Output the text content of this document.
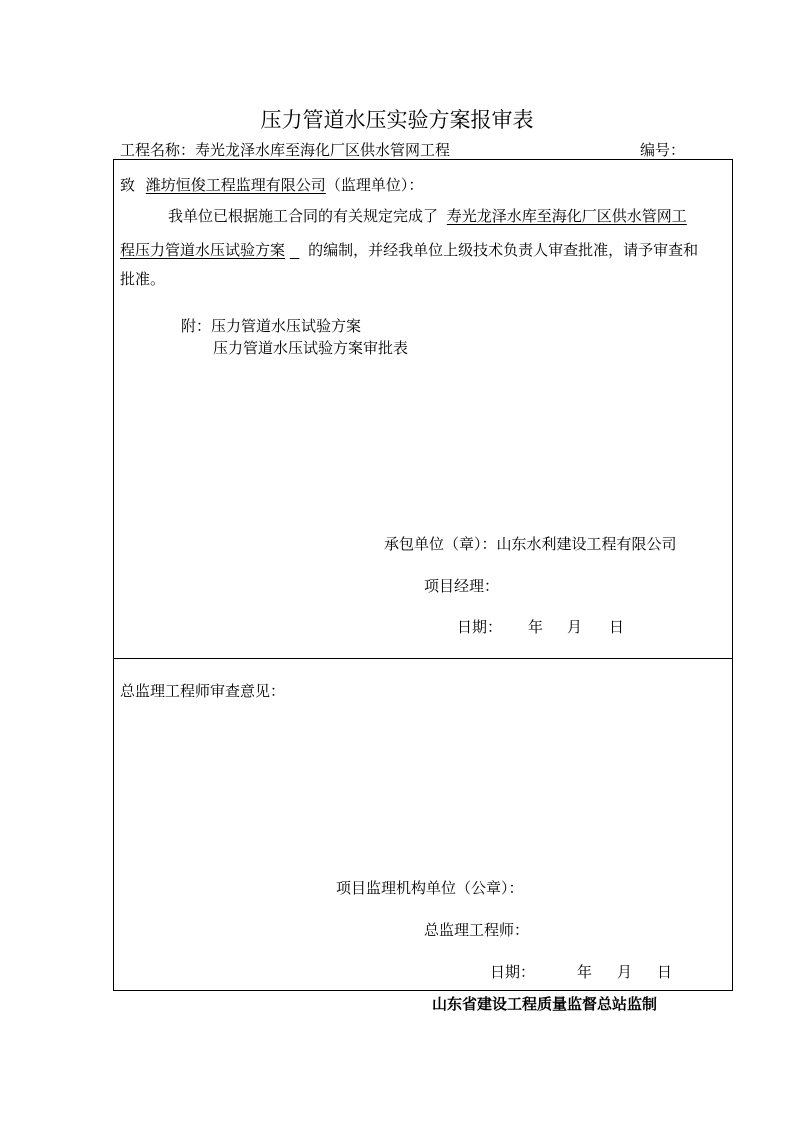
压力管道水压实验方案报审表
工程名称：寿光龙泽水库至海化厂区供水管网工程	编号：
致 潍坊恒俊工程监理有限公司（监理单位）：
我单位已根据施工合同的有关规定完成了 寿光龙泽水库至海化厂区供水管网工
程压力管道水压试验方案 的编制，并经我单位上级技术负责人审查批准，请予审查和
批准。
附：压力管道水压试验方案
压力管道水压试验方案审批表
承包单位（章）：山东水利建设工程有限公司
项目经理：
日期： 年 月 日
总监理工程师审查意见：
项目监理机构单位（公章）：
总监理工程师：
日期：	年 月 日
山东省建设工程质量监督总站监制
